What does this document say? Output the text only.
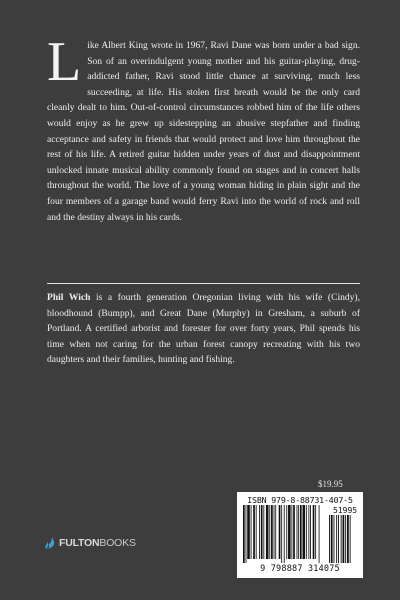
Like Albert King wrote in 1967, Ravi Dane was born under a bad sign. Son of an overindulgent young mother and his guitar-playing, drug-addicted father, Ravi stood little chance at surviving, much less succeeding, at life. His stolen first breath would be the only card cleanly dealt to him. Out-of-control circumstances robbed him of the life others would enjoy as he grew up sidestepping an abusive stepfather and finding acceptance and safety in friends that would protect and love him throughout the rest of his life. A retired guitar hidden under years of dust and disappointment unlocked innate musical ability commonly found on stages and in concert halls throughout the world. The love of a young woman hiding in plain sight and the four members of a garage band would ferry Ravi into the world of rock and roll and the destiny always in his cards.

Phil Wich is a fourth generation Oregonian living with his wife (Cindy), bloodhound (Bumpp), and Great Dane (Murphy) in Gresham, a suburb of Portland. A certified arborist and forester for over forty years, Phil spends his time when not caring for the urban forest canopy recreating with his two daughters and their families, hunting and fishing.

$19.95
ISBN 979-8-88731-407-5
51995
9 798887 314075
FULTONBOOKS
